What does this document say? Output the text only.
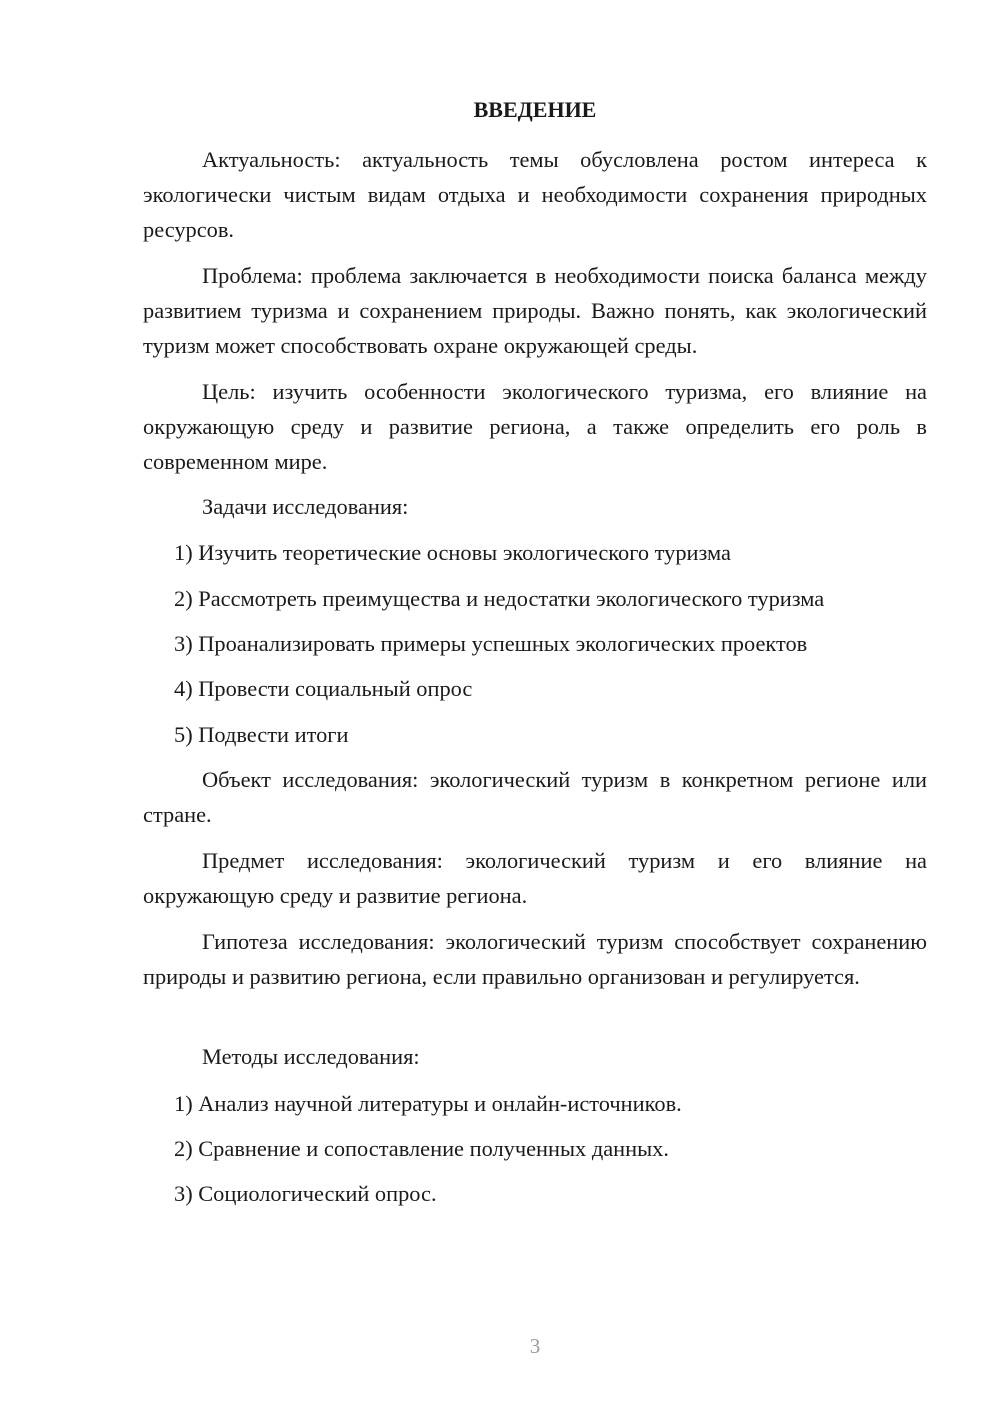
ВВЕДЕНИЕ

Актуальность: актуальность темы обусловлена ростом интереса к экологически чистым видам отдыха и необходимости сохранения природных ресурсов.

Проблема: проблема заключается в необходимости поиска баланса между развитием туризма и сохранением природы. Важно понять, как экологический туризм может способствовать охране окружающей среды.

Цель: изучить особенности экологического туризма, его влияние на окружающую среду и развитие региона, а также определить его роль в современном мире.

Задачи исследования:

1) Изучить теоретические основы экологического туризма

2) Рассмотреть преимущества и недостатки экологического туризма

3) Проанализировать примеры успешных экологических проектов

4) Провести социальный опрос

5) Подвести итоги

Объект исследования: экологический туризм в конкретном регионе или стране.

Предмет исследования: экологический туризм и его влияние на окружающую среду и развитие региона.

Гипотеза исследования: экологический туризм способствует сохранению природы и развитию региона, если правильно организован и регулируется.

Методы исследования:

1) Анализ научной литературы и онлайн-источников.

2) Сравнение и сопоставление полученных данных.

3) Социологический опрос.

3
